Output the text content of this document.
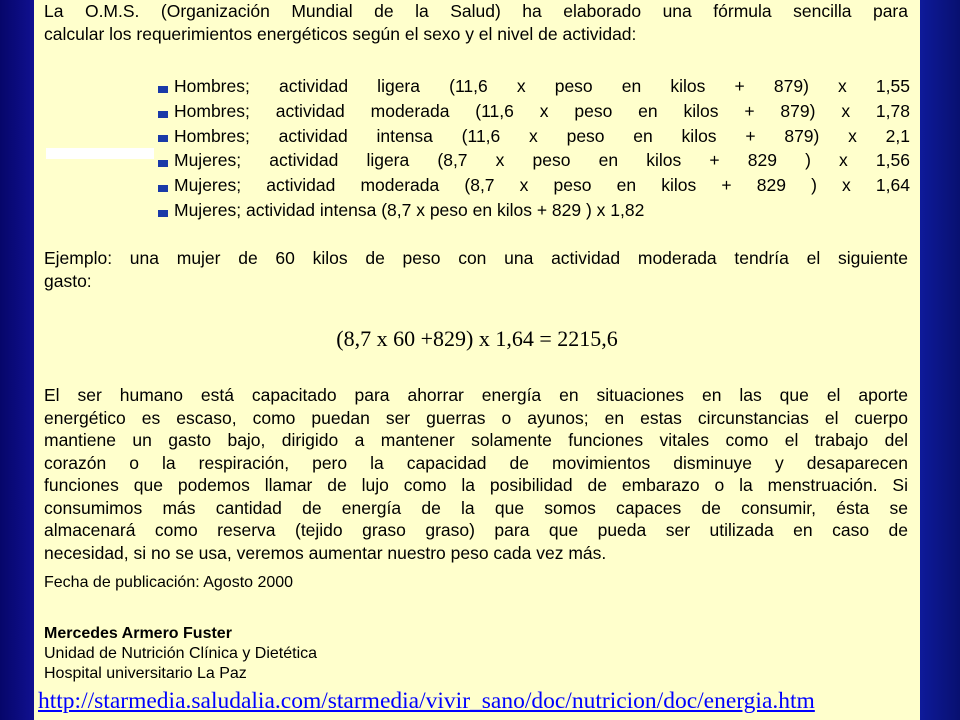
La O.M.S. (Organización Mundial de la Salud) ha elaborado una fórmula sencilla para
calcular los requerimientos energéticos según el sexo y el nivel de actividad:
Hombres; actividad ligera (11,6 x peso en kilos + 879) x 1,55
Hombres; actividad moderada (11,6 x peso en kilos + 879) x 1,78
Hombres; actividad intensa (11,6 x peso en kilos + 879) x 2,1
Mujeres; actividad ligera (8,7 x peso en kilos + 829 ) x 1,56
Mujeres; actividad moderada (8,7 x peso en kilos + 829 ) x 1,64
Mujeres; actividad intensa (8,7 x peso en kilos + 829 ) x 1,82
Ejemplo: una mujer de 60 kilos de peso con una actividad moderada tendría el siguiente
gasto:
(8,7 x 60 +829) x 1,64 = 2215,6
El ser humano está capacitado para ahorrar energía en situaciones en las que el aporte
energético es escaso, como puedan ser guerras o ayunos; en estas circunstancias el cuerpo
mantiene un gasto bajo, dirigido a mantener solamente funciones vitales como el trabajo del
corazón o la respiración, pero la capacidad de movimientos disminuye y desaparecen
funciones que podemos llamar de lujo como la posibilidad de embarazo o la menstruación. Si
consumimos más cantidad de energía de la que somos capaces de consumir, ésta se
almacenará como reserva (tejido graso graso) para que pueda ser utilizada en caso de
necesidad, si no se usa, veremos aumentar nuestro peso cada vez más.
Fecha de publicación: Agosto 2000
Mercedes Armero Fuster
Unidad de Nutrición Clínica y Dietética
Hospital universitario La Paz
http://starmedia.saludalia.com/starmedia/vivir_sano/doc/nutricion/doc/energia.htm
